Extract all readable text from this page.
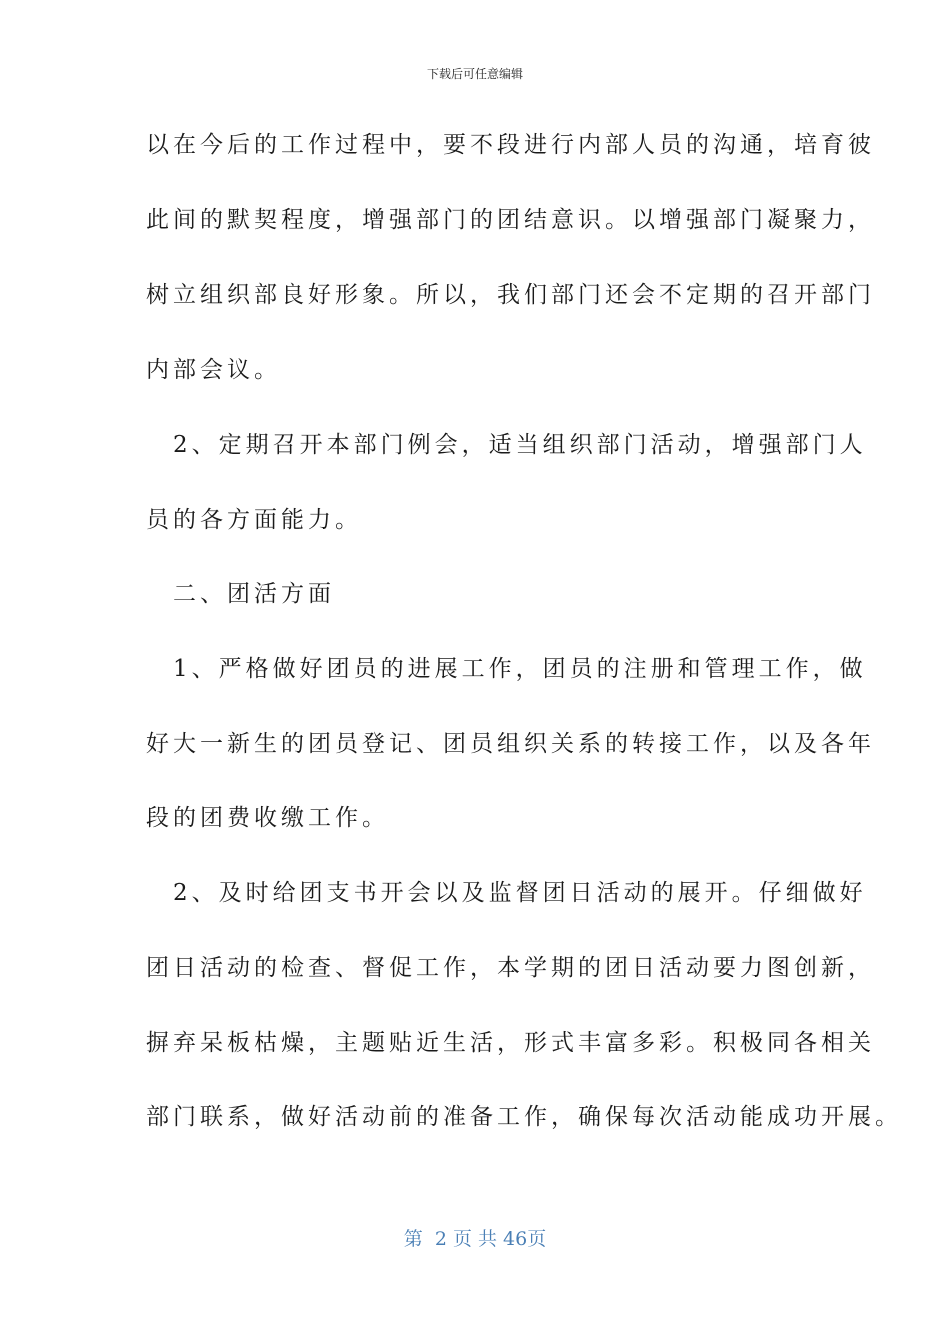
下载后可任意编辑
以在今后的工作过程中，要不段进行内部人员的沟通，培育彼
此间的默契程度，增强部门的团结意识。以增强部门凝聚力，
树立组织部良好形象。所以，我们部门还会不定期的召开部门
内部会议。
　2、定期召开本部门例会，适当组织部门活动，增强部门人
员的各方面能力。
　二、团活方面
　1、严格做好团员的进展工作，团员的注册和管理工作，做
好大一新生的团员登记、团员组织关系的转接工作，以及各年
段的团费收缴工作。
　2、及时给团支书开会以及监督团日活动的展开。仔细做好
团日活动的检查、督促工作，本学期的团日活动要力图创新，
摒弃呆板枯燥，主题贴近生活，形式丰富多彩。积极同各相关
部门联系，做好活动前的准备工作，确保每次活动能成功开展。
第  2 页 共 46页
